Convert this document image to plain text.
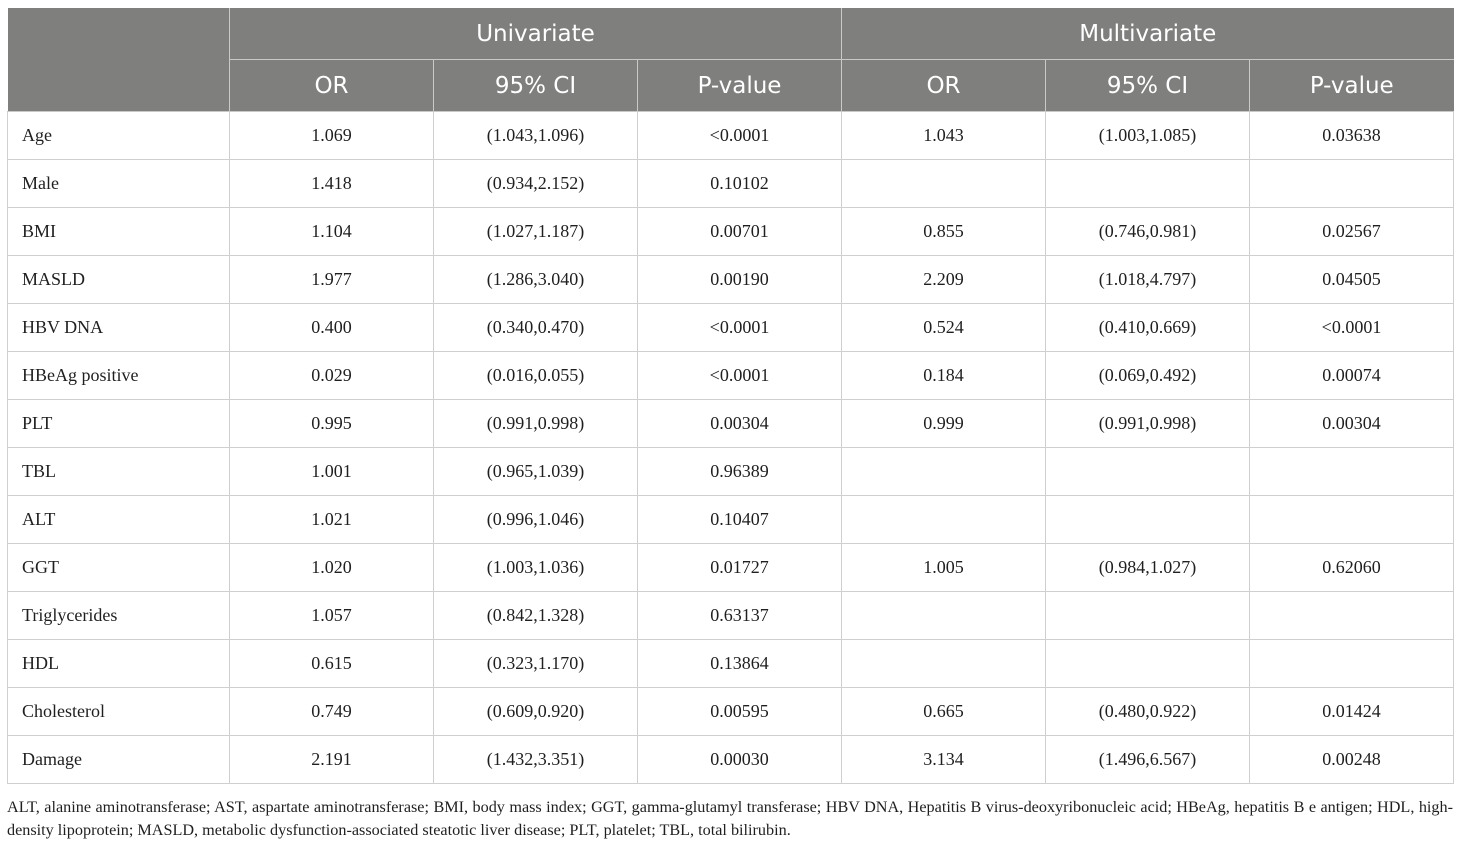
	Univariate			Multivariate		
	OR	95% CI	P-value	OR	95% CI	P-value
Age	1.069	(1.043,1.096)	<0.0001	1.043	(1.003,1.085)	0.03638
Male	1.418	(0.934,2.152)	0.10102			
BMI	1.104	(1.027,1.187)	0.00701	0.855	(0.746,0.981)	0.02567
MASLD	1.977	(1.286,3.040)	0.00190	2.209	(1.018,4.797)	0.04505
HBV DNA	0.400	(0.340,0.470)	<0.0001	0.524	(0.410,0.669)	<0.0001
HBeAg positive	0.029	(0.016,0.055)	<0.0001	0.184	(0.069,0.492)	0.00074
PLT	0.995	(0.991,0.998)	0.00304	0.999	(0.991,0.998)	0.00304
TBL	1.001	(0.965,1.039)	0.96389			
ALT	1.021	(0.996,1.046)	0.10407			
GGT	1.020	(1.003,1.036)	0.01727	1.005	(0.984,1.027)	0.62060
Triglycerides	1.057	(0.842,1.328)	0.63137			
HDL	0.615	(0.323,1.170)	0.13864			
Cholesterol	0.749	(0.609,0.920)	0.00595	0.665	(0.480,0.922)	0.01424
Damage	2.191	(1.432,3.351)	0.00030	3.134	(1.496,6.567)	0.00248
ALT, alanine aminotransferase; AST, aspartate aminotransferase; BMI, body mass index; GGT, gamma-glutamyl transferase; HBV DNA, Hepatitis B virus-deoxyribonucleic acid; HBeAg, hepatitis B e antigen; HDL, high-density lipoprotein; MASLD, metabolic dysfunction-associated steatotic liver disease; PLT, platelet; TBL, total bilirubin.
